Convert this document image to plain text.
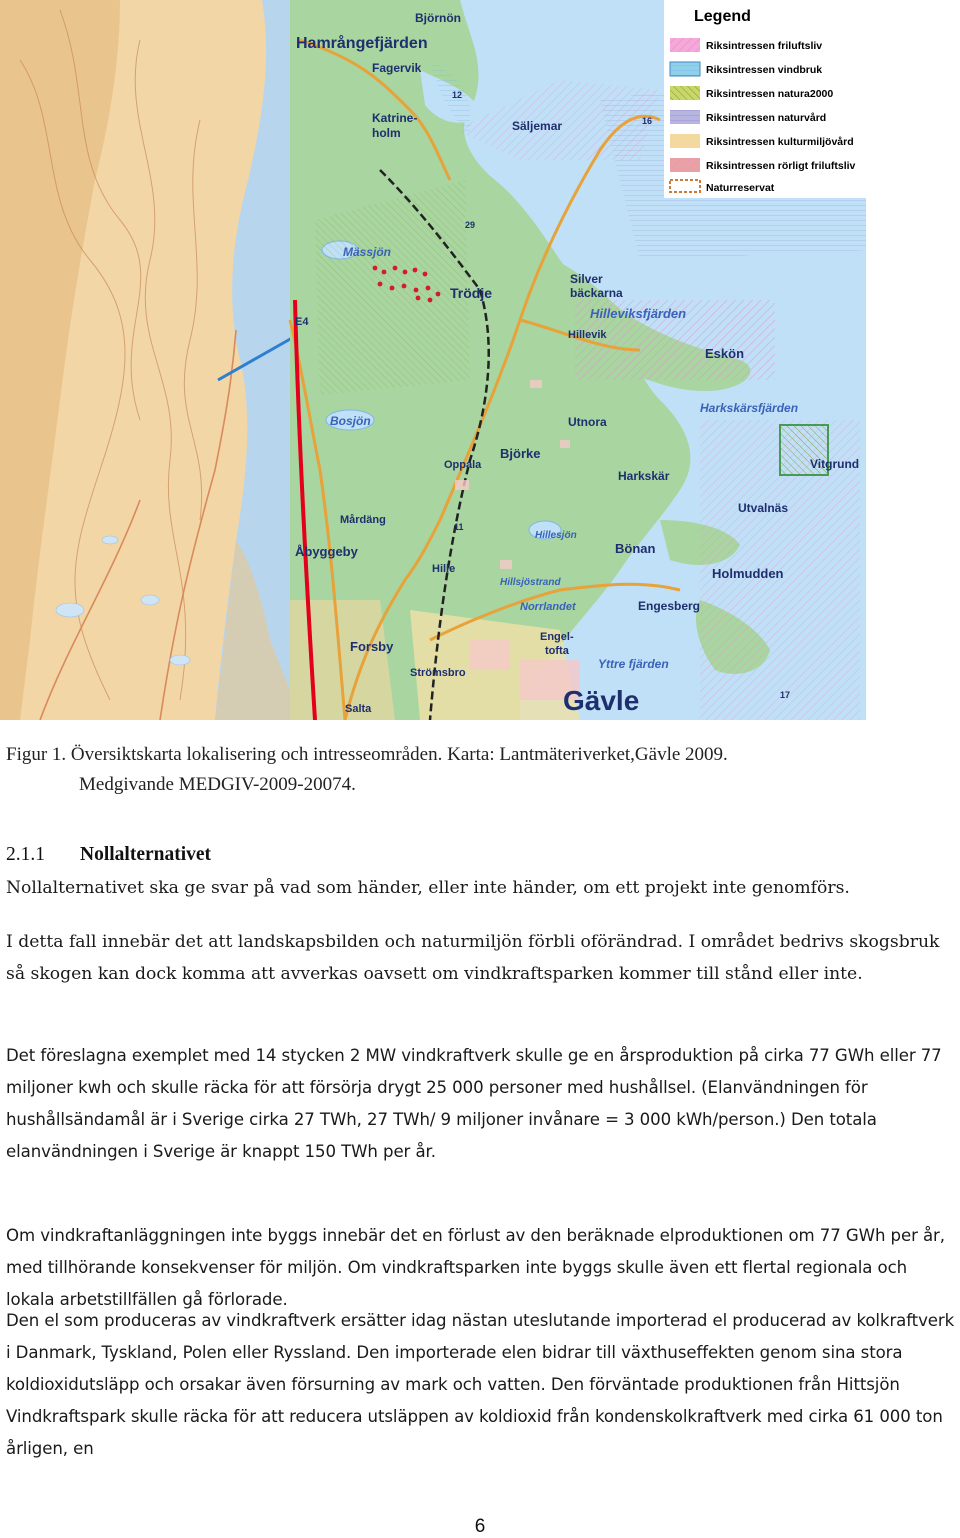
Björnön
Hamrångefjärden
Fagervik
Katrine-
holm	Säljemar
Mässjön
Trödje
Silver
bäckarna
Hilleviksfjärden
Hillevik
Eskön
Bosjön	Utnora
Harkskärsfjärden
Björke
Oppala
Harkskär
Vitgrund
Utvalnäs
Mårdäng
Hillesjön
Bönan
Åbyggeby
Hille	Holmudden
Hillsjöstrand
Norrlandet	Engesberg
Forsby
Strömsbro
Engel-
tofta
Yttre fjärden
Salta	Gävle
E4
12
16
29
11
17
Legend
Riksintressen friluftsliv
Riksintressen vindbruk
Riksintressen natura2000
Riksintressen naturvård
Riksintressen kulturmiljövård
Riksintressen rörligt friluftsliv
Naturreservat
Figur 1. Översiktskarta lokalisering och intresseområden. Karta: Lantmäteriverket,Gävle 2009.
Medgivande MEDGIV-2009-20074.
2.1.1 Nollalternativet
Nollalternativet ska ge svar på vad som händer, eller inte händer, om ett projekt inte genomförs.
I detta fall innebär det att landskapsbilden och naturmiljön förbli oförändrad. I området bedrivs skogsbruk så skogen kan dock komma att avverkas oavsett om vindkraftsparken kommer till stånd eller inte.
Det föreslagna exemplet med 14 stycken 2 MW vindkraftverk skulle ge en årsproduktion på cirka 77 GWh eller 77 miljoner kwh och skulle räcka för att försörja drygt 25 000 personer med hushållsel. (Elanvändningen för hushållsändamål är i Sverige cirka 27 TWh, 27 TWh/ 9 miljoner invånare = 3 000 kWh/person.) Den totala elanvändningen i Sverige är knappt 150 TWh per år.
Om vindkraftanläggningen inte byggs innebär det en förlust av den beräknade elproduktionen om 77 GWh per år, med tillhörande konsekvenser för miljön. Om vindkraftsparken inte byggs skulle även ett flertal regionala och lokala arbetstillfällen gå förlorade.
Den el som produceras av vindkraftverk ersätter idag nästan uteslutande importerad el producerad av kolkraftverk i Danmark, Tyskland, Polen eller Ryssland. Den importerade elen bidrar till växthuseffekten genom sina stora koldioxidutsläpp och orsakar även försurning av mark och vatten. Den förväntade produktionen från Hittsjön Vindkraftspark skulle räcka för att reducera utsläppen av koldioxid från kondenskolkraftverk med cirka 61 000 ton årligen, en
6
